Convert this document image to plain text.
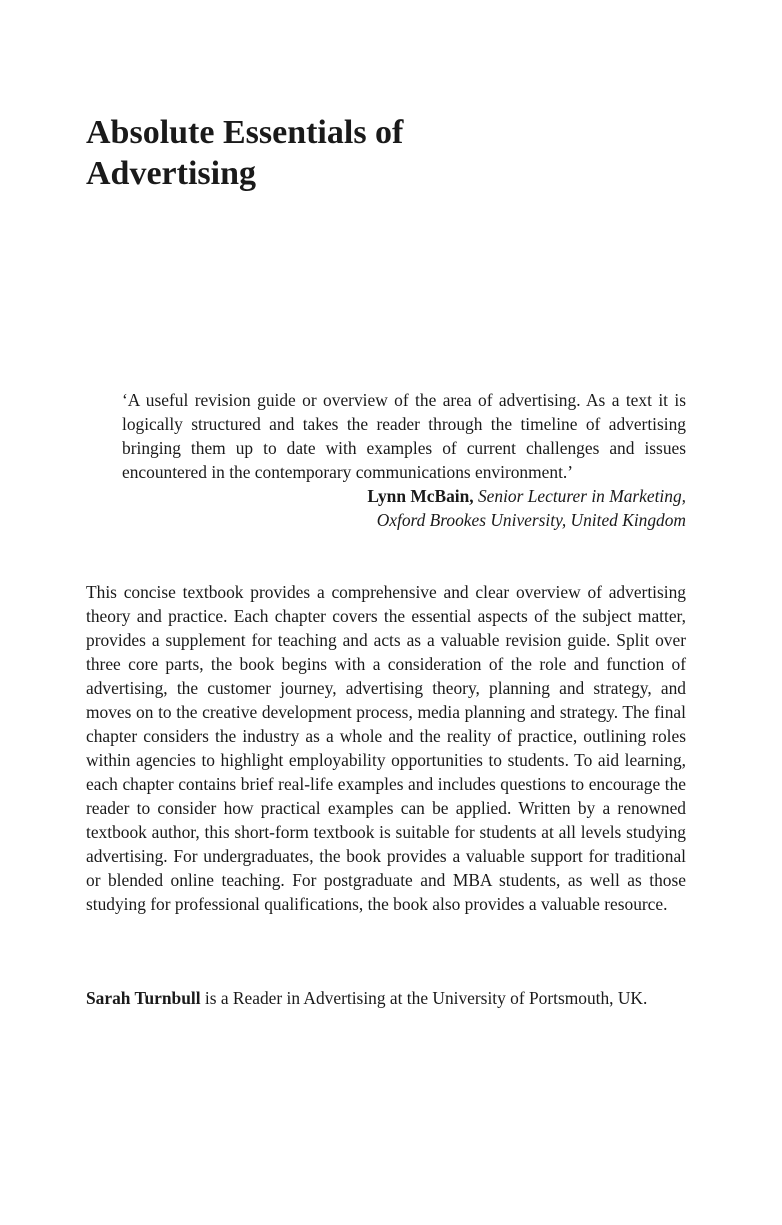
Absolute Essentials of
Advertising

‘A useful revision guide or overview of the area of advertising. As a text it is logically structured and takes the reader through the timeline of advertising bringing them up to date with examples of current challenges and issues encountered in the contemporary communications environment.’

Lynn McBain, Senior Lecturer in Marketing,
Oxford Brookes University, United Kingdom

This concise textbook provides a comprehensive and clear overview of advertising theory and practice. Each chapter covers the essential aspects of the subject matter, provides a supplement for teaching and acts as a valuable revision guide. Split over three core parts, the book begins with a consideration of the role and function of advertising, the customer journey, advertising theory, planning and strategy, and moves on to the creative development process, media planning and strategy. The final chapter considers the industry as a whole and the reality of practice, outlining roles within agencies to highlight employability opportunities to students. To aid learning, each chapter contains brief real-life examples and includes questions to encourage the reader to consider how practical examples can be applied. Written by a renowned textbook author, this short-form textbook is suitable for students at all levels studying advertising. For undergraduates, the book provides a valuable support for traditional or blended online teaching. For postgraduate and MBA students, as well as those studying for professional qualifications, the book also provides a valuable resource.

Sarah Turnbull is a Reader in Advertising at the University of Portsmouth, UK.
